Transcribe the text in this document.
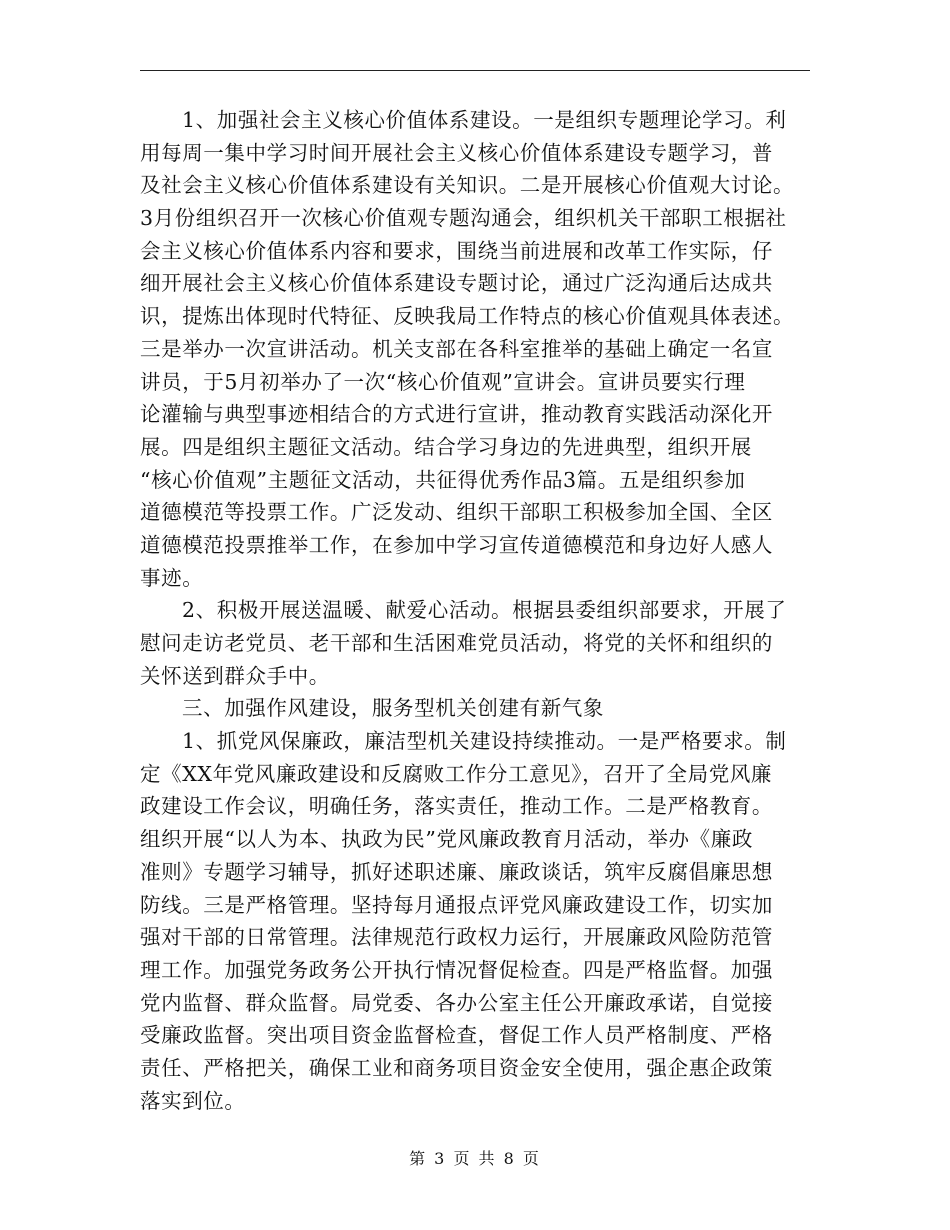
1、加强社会主义核心价值体系建设。一是组织专题理论学习。利
用每周一集中学习时间开展社会主义核心价值体系建设专题学习，普
及社会主义核心价值体系建设有关知识。二是开展核心价值观大讨论。
3月份组织召开一次核心价值观专题沟通会，组织机关干部职工根据社
会主义核心价值体系内容和要求，围绕当前进展和改革工作实际，仔
细开展社会主义核心价值体系建设专题讨论，通过广泛沟通后达成共
识，提炼出体现时代特征、反映我局工作特点的核心价值观具体表述。
三是举办一次宣讲活动。机关支部在各科室推举的基础上确定一名宣
讲员，于5月初举办了一次“核心价值观”宣讲会。宣讲员要实行理
论灌输与典型事迹相结合的方式进行宣讲，推动教育实践活动深化开
展。四是组织主题征文活动。结合学习身边的先进典型，组织开展
“核心价值观”主题征文活动，共征得优秀作品3篇。五是组织参加
道德模范等投票工作。广泛发动、组织干部职工积极参加全国、全区
道德模范投票推举工作，在参加中学习宣传道德模范和身边好人感人
事迹。
2、积极开展送温暖、献爱心活动。根据县委组织部要求，开展了
慰问走访老党员、老干部和生活困难党员活动，将党的关怀和组织的
关怀送到群众手中。
三、加强作风建设，服务型机关创建有新气象
1、抓党风保廉政，廉洁型机关建设持续推动。一是严格要求。制
定《XX年党风廉政建设和反腐败工作分工意见》，召开了全局党风廉
政建设工作会议，明确任务，落实责任，推动工作。二是严格教育。
组织开展“以人为本、执政为民”党风廉政教育月活动，举办《廉政
准则》专题学习辅导，抓好述职述廉、廉政谈话，筑牢反腐倡廉思想
防线。三是严格管理。坚持每月通报点评党风廉政建设工作，切实加
强对干部的日常管理。法律规范行政权力运行，开展廉政风险防范管
理工作。加强党务政务公开执行情况督促检查。四是严格监督。加强
党内监督、群众监督。局党委、各办公室主任公开廉政承诺，自觉接
受廉政监督。突出项目资金监督检查，督促工作人员严格制度、严格
责任、严格把关，确保工业和商务项目资金安全使用，强企惠企政策
落实到位。
第 3 页 共 8 页
